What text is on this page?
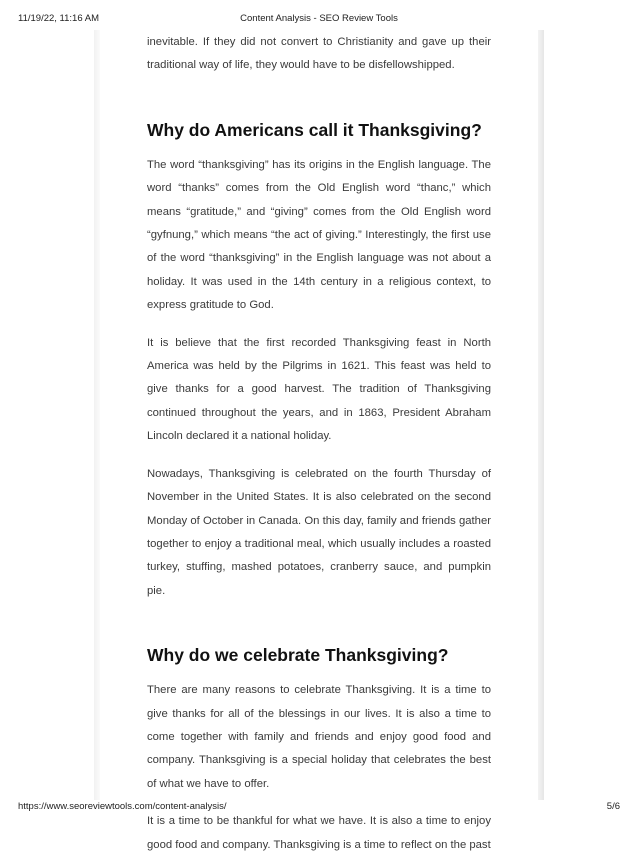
11/19/22, 11:16 AM	Content Analysis - SEO Review Tools

inevitable. If they did not convert to Christianity and gave up their traditional way of life, they would have to be disfellowshipped.

Why do Americans call it Thanksgiving?

The word “thanksgiving” has its origins in the English language. The word “thanks” comes from the Old English word “thanc,” which means “gratitude,” and “giving” comes from the Old English word “gyfnung,” which means “the act of giving.” Interestingly, the first use of the word “thanksgiving” in the English language was not about a holiday. It was used in the 14th century in a religious context, to express gratitude to God.

It is believe that the first recorded Thanksgiving feast in North America was held by the Pilgrims in 1621. This feast was held to give thanks for a good harvest. The tradition of Thanksgiving continued throughout the years, and in 1863, President Abraham Lincoln declared it a national holiday.

Nowadays, Thanksgiving is celebrated on the fourth Thursday of November in the United States. It is also celebrated on the second Monday of October in Canada. On this day, family and friends gather together to enjoy a traditional meal, which usually includes a roasted turkey, stuffing, mashed potatoes, cranberry sauce, and pumpkin pie.

Why do we celebrate Thanksgiving?

There are many reasons to celebrate Thanksgiving. It is a time to give thanks for all of the blessings in our lives. It is also a time to come together with family and friends and enjoy good food and company. Thanksgiving is a special holiday that celebrates the best of what we have to offer.

It is a time to be thankful for what we have. It is also a time to enjoy good food and company. Thanksgiving is a time to reflect on the past

https://www.seoreviewtools.com/content-analysis/	5/6
